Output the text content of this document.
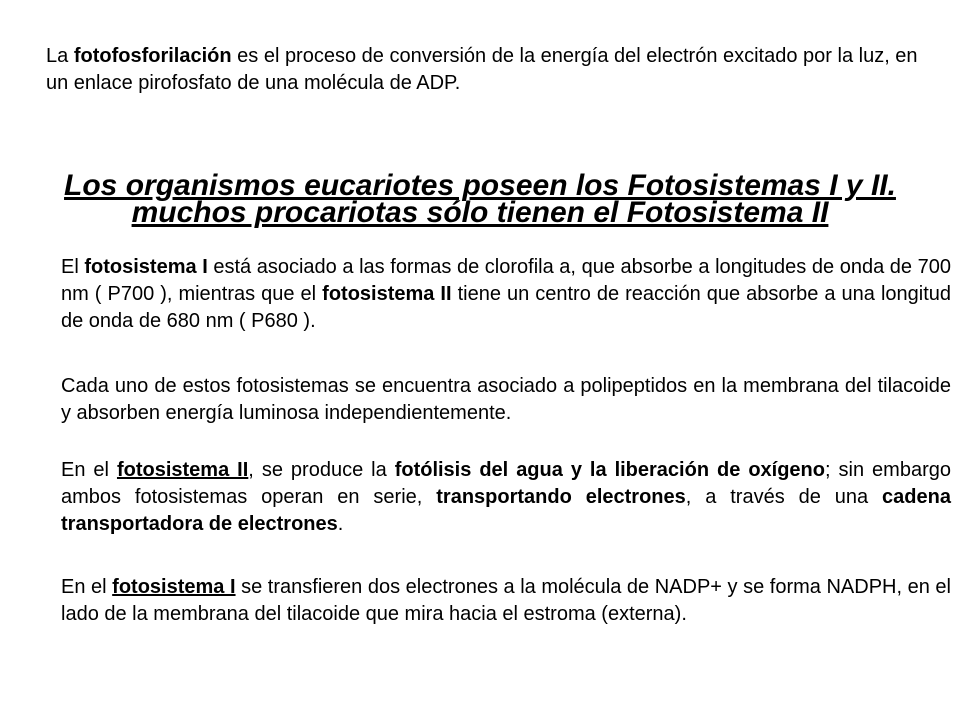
La fotofosforilación es el proceso de conversión de la energía del electrón excitado por la luz, en un enlace pirofosfato de una molécula de ADP.

Los organismos eucariotes poseen los Fotosistemas I y II.
muchos procariotas sólo tienen el Fotosistema II

El fotosistema I está asociado a las formas de clorofila a, que absorbe a longitudes de onda de 700 nm ( P700 ), mientras que el fotosistema II tiene un centro de reacción que absorbe a una longitud de onda de 680 nm ( P680 ).

Cada uno de estos fotosistemas se encuentra asociado a polipeptidos en la membrana del tilacoide y absorben energía luminosa independientemente.

En el fotosistema II, se produce la fotólisis del agua y la liberación de oxígeno; sin embargo ambos fotosistemas operan en serie, transportando electrones, a través de una cadena transportadora de electrones.

En el fotosistema I se transfieren dos electrones a la molécula de NADP+ y se forma NADPH, en el lado de la membrana del tilacoide que mira hacia el estroma (externa).
